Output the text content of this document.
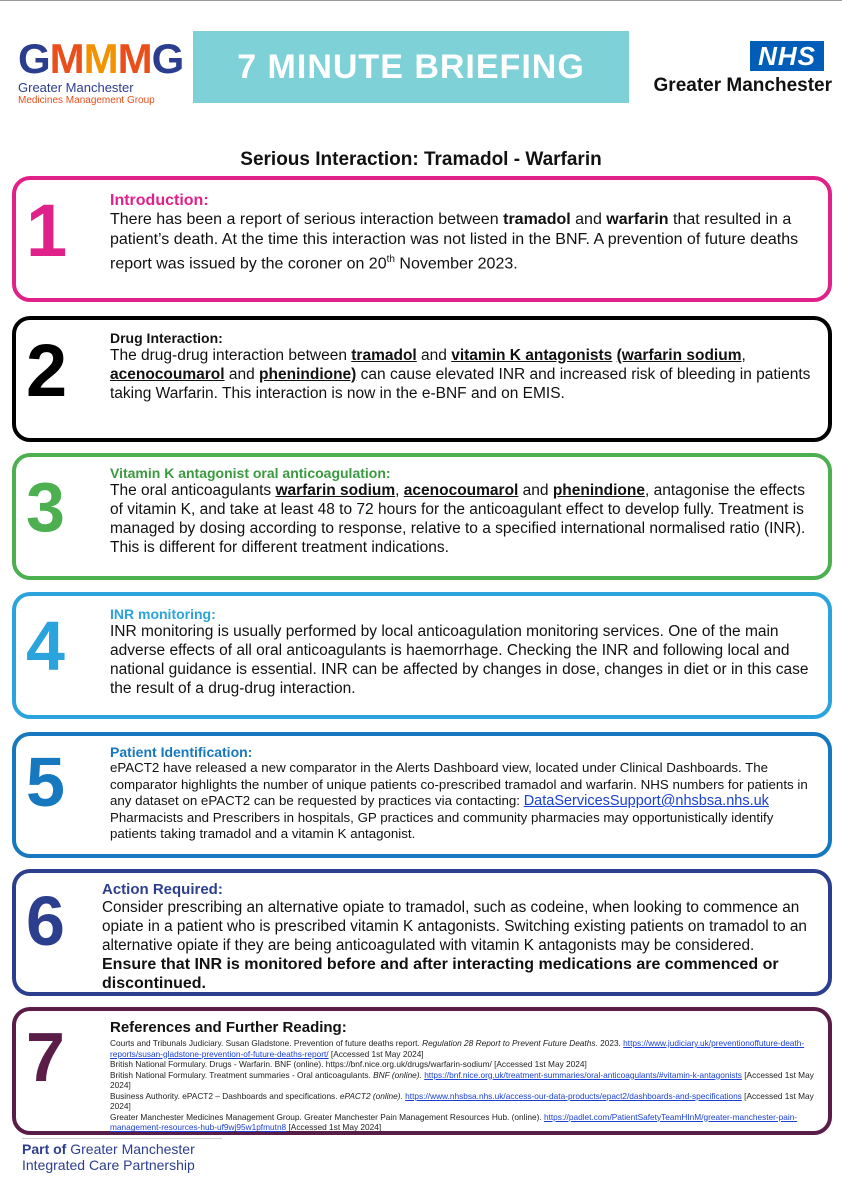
GMMMG
Greater Manchester
Medicines Management Group
7 MINUTE BRIEFING	NHS
Greater Manchester
Serious Interaction: Tramadol - Warfarin
1	Introduction:
There has been a report of serious interaction between tramadol and warfarin that resulted in a patient’s death. At the time this interaction was not listed in the BNF. A prevention of future deaths report was issued by the coroner on 20th November 2023.
2	Drug Interaction:
The drug-drug interaction between tramadol and vitamin K antagonists (warfarin sodium, acenocoumarol and phenindione) can cause elevated INR and increased risk of bleeding in patients taking Warfarin. This interaction is now in the e-BNF and on EMIS.
3	Vitamin K antagonist oral anticoagulation:
The oral anticoagulants warfarin sodium, acenocoumarol and phenindione, antagonise the effects of vitamin K, and take at least 48 to 72 hours for the anticoagulant effect to develop fully. Treatment is managed by dosing according to response, relative to a specified international normalised ratio (INR). This is different for different treatment indications.
4	INR monitoring:
INR monitoring is usually performed by local anticoagulation monitoring services. One of the main adverse effects of all oral anticoagulants is haemorrhage. Checking the INR and following local and national guidance is essential. INR can be affected by changes in dose, changes in diet or in this case the result of a drug-drug interaction.
5	Patient Identification:
ePACT2 have released a new comparator in the Alerts Dashboard view, located under Clinical Dashboards. The comparator highlights the number of unique patients co-prescribed tramadol and warfarin. NHS numbers for patients in any dataset on ePACT2 can be requested by practices via contacting: DataServicesSupport@nhsbsa.nhs.uk
Pharmacists and Prescribers in hospitals, GP practices and community pharmacies may opportunistically identify patients taking tramadol and a vitamin K antagonist.
6 Action Required:
Consider prescribing an alternative opiate to tramadol, such as codeine, when looking to commence an opiate in a patient who is prescribed vitamin K antagonists. Switching existing patients on tramadol to an alternative opiate if they are being anticoagulated with vitamin K antagonists may be considered.
Ensure that INR is monitored before and after interacting medications are commenced or discontinued.
7	References and Further Reading:
Courts and Tribunals Judiciary. Susan Gladstone. Prevention of future deaths report. Regulation 28 Report to Prevent Future Deaths. 2023. https://www.judiciary.uk/preventionoffuture-death-reports/susan-gladstone-prevention-of-future-deaths-report/ [Accessed 1st May 2024]
British National Formulary. Drugs - Warfarin. BNF (online). https://bnf.nice.org.uk/drugs/warfarin-sodium/ [Accessed 1st May 2024]
British National Formulary. Treatment summaries - Oral anticoagulants. BNF (online). https://bnf.nice.org.uk/treatment-summaries/oral-anticoagulants/#vitamin-k-antagonists [Accessed 1st May 2024]
Business Authority. ePACT2 – Dashboards and specifications. ePACT2 (online). https://www.nhsbsa.nhs.uk/access-our-data-products/epact2/dashboards-and-specifications [Accessed 1st May 2024]
Greater Manchester Medicines Management Group. Greater Manchester Pain Management Resources Hub. (online). https://padlet.com/PatientSafetyTeamHInM/greater-manchester-pain-management-resources-hub-uf9wj95w1pfmutn8 [Accessed 1st May 2024]
Part of Greater Manchester
Integrated Care Partnership
